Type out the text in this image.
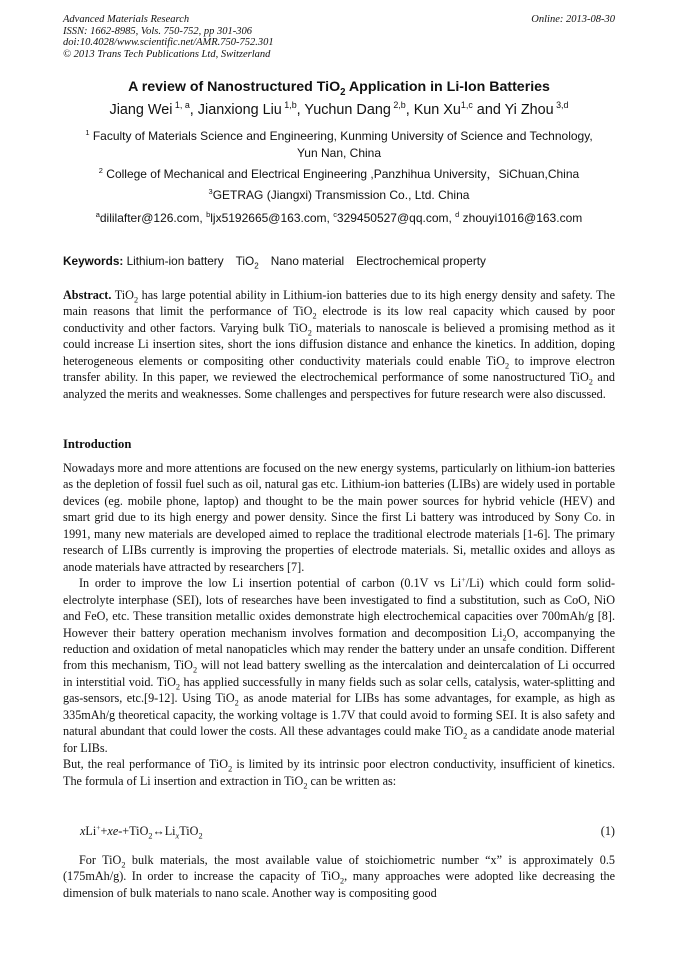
Advanced Materials Research
ISSN: 1662-8985, Vols. 750-752, pp 301-306
doi:10.4028/www.scientific.net/AMR.750-752.301
© 2013 Trans Tech Publications Ltd, Switzerland
Online: 2013-08-30
A review of Nanostructured TiO$_2$ Application in Li-Ion Batteries
Jiang Wei $^{1, a}$, Jianxiong Liu $^{1,b}$, Yuchun Dang $^{2,b}$, Kun Xu$^{1,c}$ and Yi Zhou $^{3,d}$
$^1$ Faculty of Materials Science and Engineering, Kunming University of Science and Technology,
Yun Nan, China
$^2$ College of Mechanical and Electrical Engineering ,Panzhihua University，SiChuan,China
$^3$GETRAG (Jiangxi) Transmission Co., Ltd. China
$^a$dililafter@126.com, $^b$ljx5192665@163.com, $^c$329450527@qq.com, $^d$ zhouyi1016@163.com
Keywords: Lithium-ion battery TiO$_2$ Nano material Electrochemical property

Abstract. TiO$_2$ has large potential ability in Lithium-ion batteries due to its high energy density and safety. The main reasons that limit the performance of TiO$_2$ electrode is its low real capacity which caused by poor conductivity and other factors. Varying bulk TiO$_2$ materials to nanoscale is believed a promising method as it could increase Li insertion sites, short the ions diffusion distance and enhance the kinetics. In addition, doping heterogeneous elements or compositing other conductivity materials could enable TiO$_2$ to improve electron transfer ability. In this paper, we reviewed the electrochemical performance of some nanostructured TiO$_2$ and analyzed the merits and weaknesses. Some challenges and perspectives for future research were also discussed.

Introduction

Nowadays more and more attentions are focused on the new energy systems, particularly on lithium-ion batteries as the depletion of fossil fuel such as oil, natural gas etc. Lithium-ion batteries (LIBs) are widely used in portable devices (eg. mobile phone, laptop) and thought to be the main power sources for hybrid vehicle (HEV) and smart grid due to its high energy and power density. Since the first Li battery was introduced by Sony Co. in 1991, many new materials are developed aimed to replace the traditional electrode materials [1-6]. The primary research of LIBs currently is improving the properties of electrode materials. Si, metallic oxides and alloys as anode materials have attracted by researchers [7].

In order to improve the low Li insertion potential of carbon (0.1V vs Li+/Li) which could form solid-electrolyte interphase (SEI), lots of researches have been investigated to find a substitution, such as CoO, NiO and FeO, etc. These transition metallic oxides demonstrate high electrochemical capacities over 700mAh/g [8]. However their battery operation mechanism involves formation and decomposition $Li_2O$, accompanying the reduction and oxidation of metal nanopaticles which may render the battery under an unsafe condition. Different from this mechanism, TiO$_2$ will not lead battery swelling as the intercalation and deintercalation of Li occurred in interstitial void. TiO$_2$ has applied successfully in many fields such as solar cells, catalysis, water-splitting and gas-sensors, etc.[9-12]. Using TiO$_2$ as anode material for LIBs has some advantages, for example, as high as 335mAh/g theoretical capacity, the working voltage is 1.7V that could avoid to forming SEI. It is also safety and natural abundant that could lower the costs. All these advantages could make TiO$_2$ as a candidate anode material for LIBs.

But, the real performance of TiO$_2$ is limited by its intrinsic poor electron conductivity, insufficient of kinetics. The formula of Li insertion and extraction in TiO$_2$ can be written as:

$xLi^++xe-+TiO_2\leftrightarrow Li_xTiO_2$	(1)

For TiO$_2$ bulk materials, the most available value of stoichiometric number “x” is approximately 0.5 (175mAh/g). In order to increase the capacity of TiO$_2$, many approaches were adopted like decreasing the dimension of bulk materials to nano scale. Another way is compositing good
